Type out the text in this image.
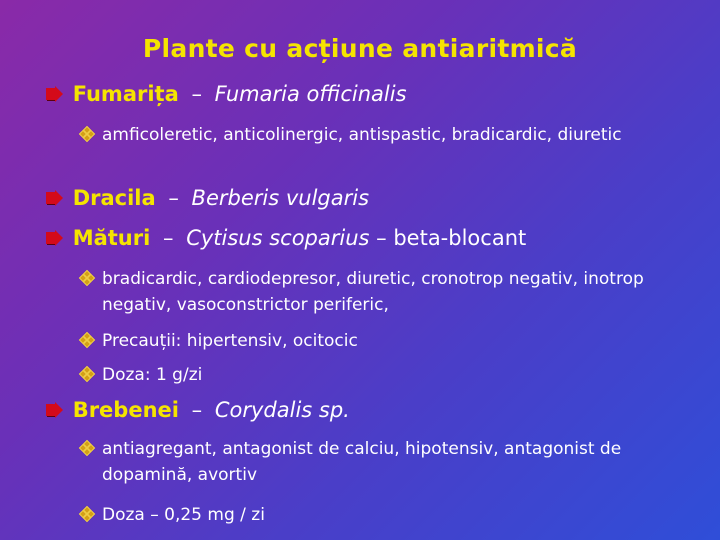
Plante cu acțiune antiaritmică
Fumarița – Fumaria officinalis
amficoleretic, anticolinergic, antispastic, bradicardic, diuretic
Dracila – Berberis vulgaris
Mături – Cytisus scoparius – beta-blocant
bradicardic, cardiodepresor, diuretic, cronotrop negativ, inotrop negativ, vasoconstrictor periferic,
Precauții: hipertensiv, ocitocic
Doza: 1 g/zi
Brebenei – Corydalis sp.
antiagregant, antagonist de calciu, hipotensiv, antagonist de dopamină, avortiv
Doza – 0,25 mg / zi
